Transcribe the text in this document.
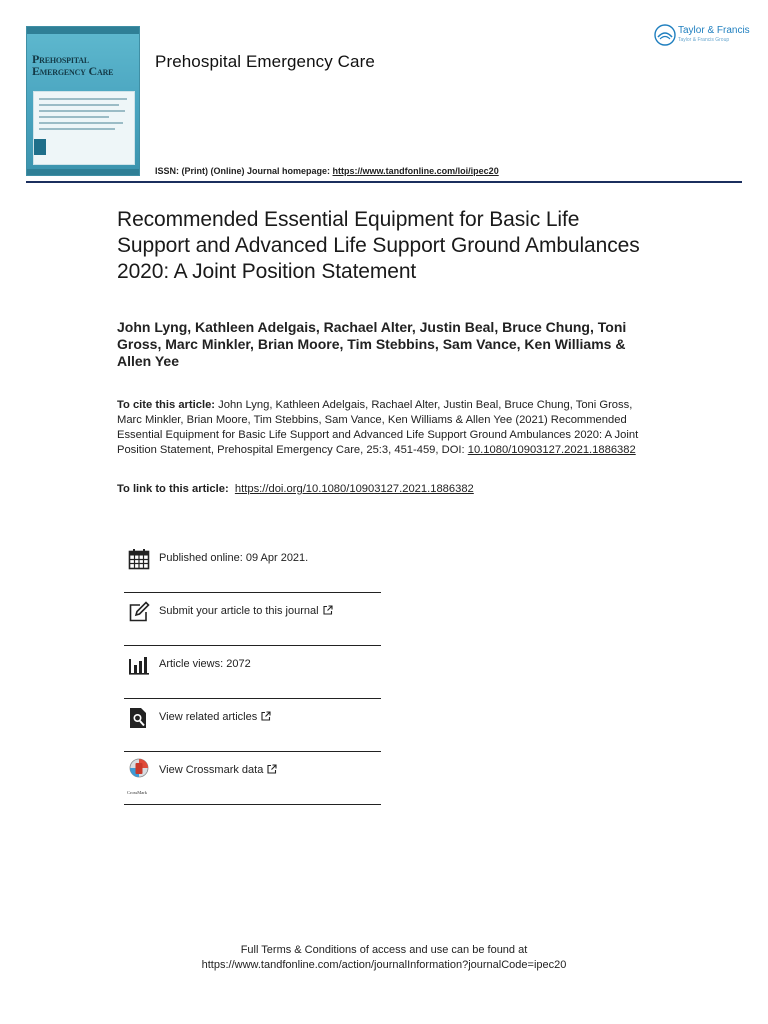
Prehospital
Emergency Care	Prehospital Emergency Care
Taylor & Francis
Taylor & Francis Group
ISSN: (Print) (Online) Journal homepage: https://www.tandfonline.com/loi/ipec20
Recommended Essential Equipment for Basic Life Support and Advanced Life Support Ground Ambulances 2020: A Joint Position Statement

John Lyng, Kathleen Adelgais, Rachael Alter, Justin Beal, Bruce Chung, Toni Gross, Marc Minkler, Brian Moore, Tim Stebbins, Sam Vance, Ken Williams & Allen Yee

To cite this article: John Lyng, Kathleen Adelgais, Rachael Alter, Justin Beal, Bruce Chung, Toni Gross, Marc Minkler, Brian Moore, Tim Stebbins, Sam Vance, Ken Williams & Allen Yee (2021) Recommended Essential Equipment for Basic Life Support and Advanced Life Support Ground Ambulances 2020: A Joint Position Statement, Prehospital Emergency Care, 25:3, 451-459, DOI: 10.1080/10903127.2021.1886382
To link to this article: https://doi.org/10.1080/10903127.2021.1886382
Published online: 09 Apr 2021.
Submit your article to this journal
Article views: 2072
View related articles
CrossMark
View Crossmark data
Full Terms & Conditions of access and use can be found at
https://www.tandfonline.com/action/journalInformation?journalCode=ipec20
